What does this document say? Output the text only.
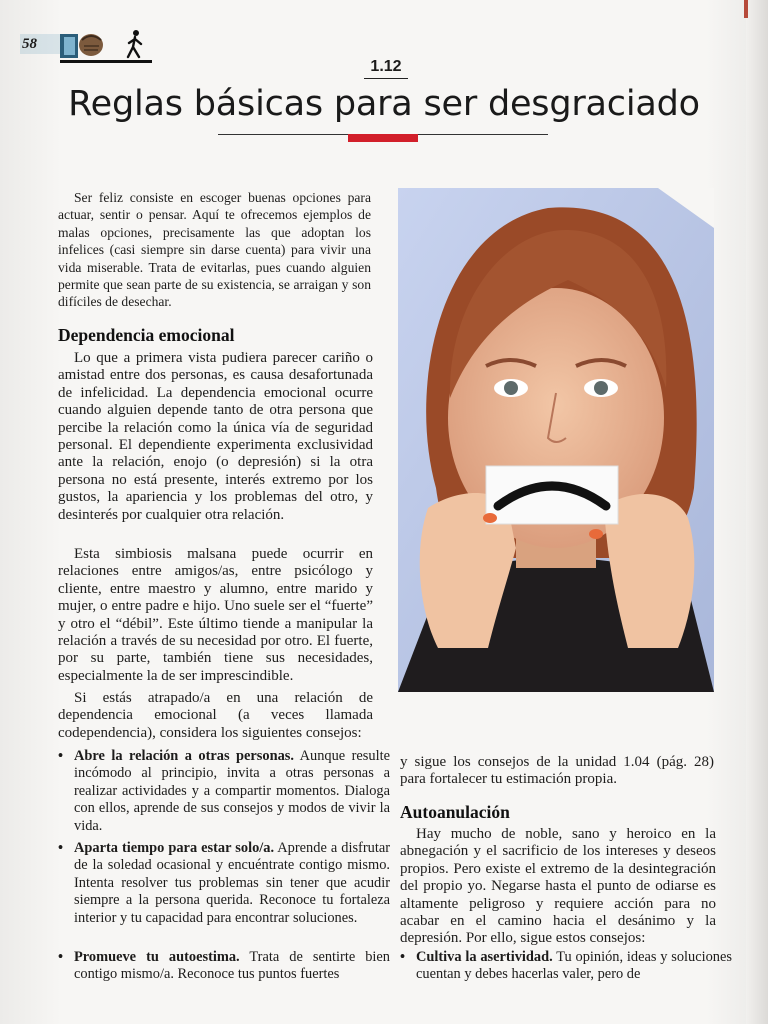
58
1.12
Reglas básicas para ser desgraciado

Ser feliz consiste en escoger buenas opciones para actuar, sentir o pensar. Aquí te ofrecemos ejemplos de malas opciones, precisamente las que adoptan los infelices (casi siempre sin darse cuenta) para vivir una vida miserable. Trata de evitarlas, pues cuando alguien permite que sean parte de su existencia, se arraigan y son difíciles de desechar.

Dependencia emocional

Lo que a primera vista pudiera parecer cariño o amistad entre dos personas, es causa desafortunada de infelicidad. La dependencia emocional ocurre cuando alguien depende tanto de otra persona que percibe la relación como la única vía de seguridad personal. El dependiente experimenta exclusividad ante la relación, enojo (o depresión) si la otra persona no está presente, interés extremo por los gustos, la apariencia y los problemas del otro, y desinterés por cualquier otra relación.

Esta simbiosis malsana puede ocurrir en relaciones entre amigos/as, entre psicólogo y cliente, entre maestro y alumno, entre marido y mujer, o entre padre e hijo. Uno suele ser el “fuerte” y otro el “débil”. Este último tiende a manipular la relación a través de su necesidad por otro. El fuerte, por su parte, también tiene sus necesidades, especialmente la de ser imprescindible.

Si estás atrapado/a en una relación de dependencia emocional (a veces llamada codependencia), considera los siguientes consejos:

• Abre la relación a otras personas. Aunque resulte incómodo al principio, invita a otras personas a realizar actividades y a compartir momentos. Dialoga con ellos, aprende de sus consejos y modos de vivir la vida.
• Aparta tiempo para estar solo/a. Aprende a disfrutar de la soledad ocasional y encuéntrate contigo mismo. Intenta resolver tus problemas sin tener que acudir siempre a la persona querida. Reconoce tu fortaleza interior y tu capacidad para encontrar soluciones.
• Promueve tu autoestima. Trata de sentirte bien contigo mismo/a. Reconoce tus puntos fuertes

y sigue los consejos de la unidad 1.04 (pág. 28) para fortalecer tu estimación propia.

Autoanulación

Hay mucho de noble, sano y heroico en la abnegación y el sacrificio de los intereses y deseos propios. Pero existe el extremo de la desintegración del propio yo. Negarse hasta el punto de odiarse es altamente peligroso y requiere acción para no acabar en el camino hacia el desánimo y la depresión. Por ello, sigue estos consejos:

• Cultiva la asertividad. Tu opinión, ideas y soluciones cuentan y debes hacerlas valer, pero de
